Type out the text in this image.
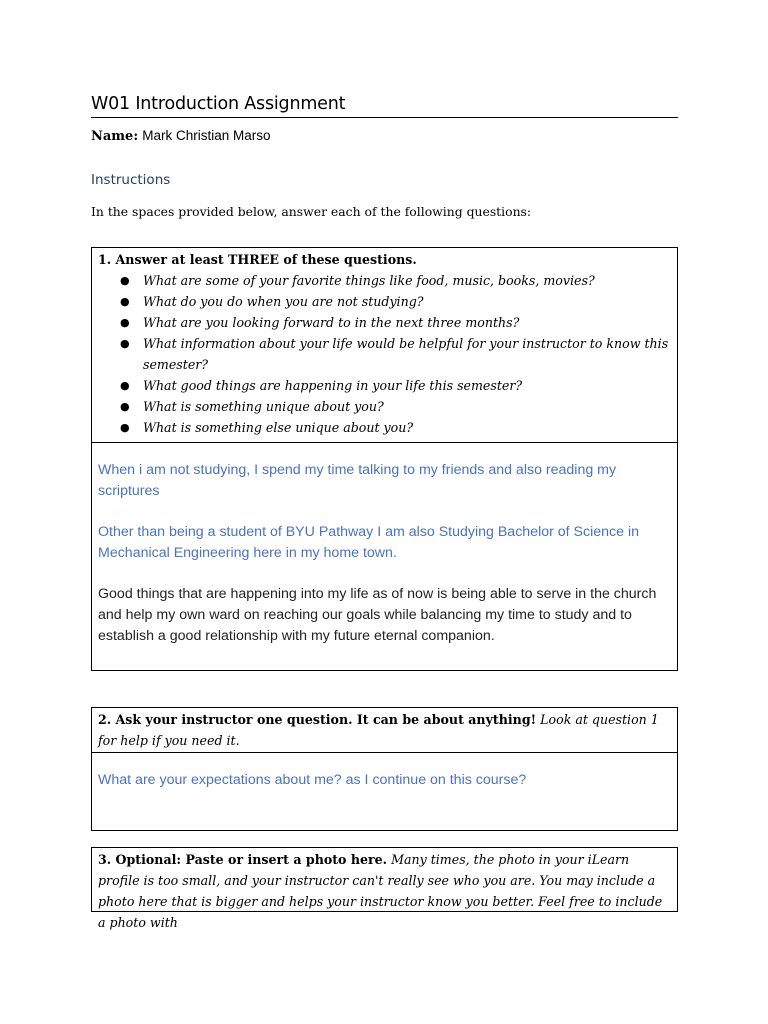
W01 Introduction Assignment
Name: Mark Christian Marso
Instructions
In the spaces provided below, answer each of the following questions:
1. Answer at least THREE of these questions.
● What are some of your favorite things like food, music, books, movies?
● What do you do when you are not studying?
● What are you looking forward to in the next three months?
● What information about your life would be helpful for your instructor to know this semester?
● What good things are happening in your life this semester?
● What is something unique about you?
● What is something else unique about you?

When i am not studying, I spend my time talking to my friends and also reading my scriptures

Other than being a student of BYU Pathway I am also Studying Bachelor of Science in Mechanical Engineering here in my home town.

Good things that are happening into my life as of now is being able to serve in the church and help my own ward on reaching our goals while balancing my time to study and to establish a good relationship with my future eternal companion.

2. Ask your instructor one question. It can be about anything! Look at question 1 for help if you need it.

What are your expectations about me? as I continue on this course?

3. Optional: Paste or insert a photo here. Many times, the photo in your iLearn profile is too small, and your instructor can't really see who you are. You may include a photo here that is bigger and helps your instructor know you better. Feel free to include a photo with
